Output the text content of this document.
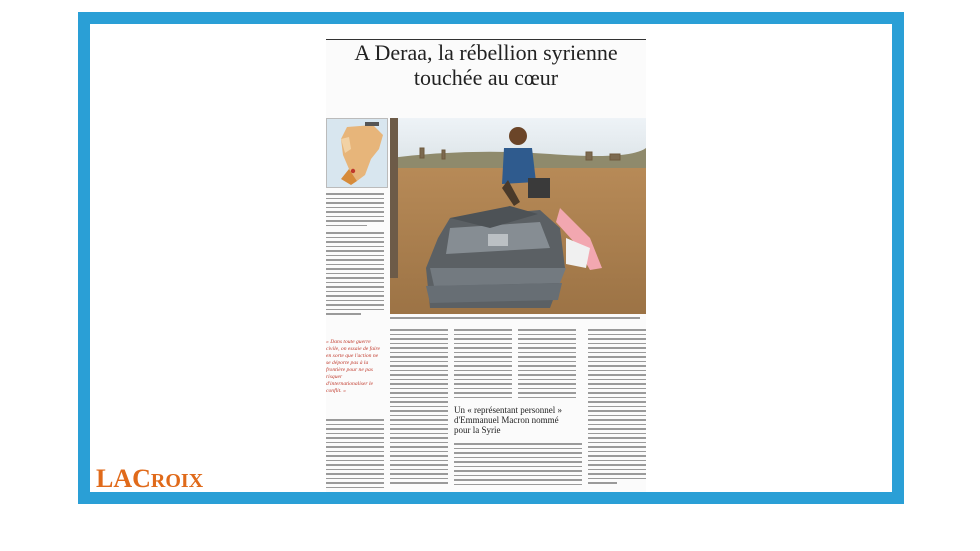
A Deraa, la rébellion syrienne
touchée au cœur
« Dans toute guerre civile, on essaie de faire en sorte que l'action ne se déporte pas à la frontière pour ne pas risquer d'internationaliser le conflit. »
Un « représentant personnel »
d'Emmanuel Macron nommé
pour la Syrie
LACROIX
